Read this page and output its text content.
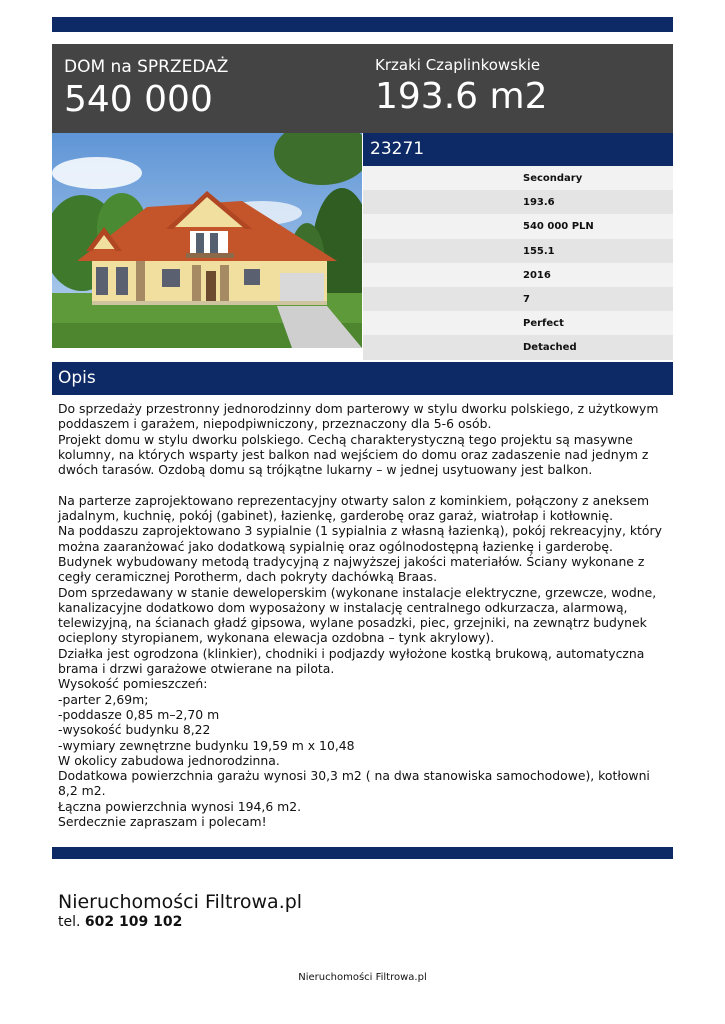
DOM na SPRZEDAŻ
540 000
Krzaki Czaplinkowskie
193.6 m2
23271
Secondary
193.6
540 000 PLN
155.1
2016
7
Perfect
Detached
Opis
Do sprzedaży przestronny jednorodzinny dom parterowy w stylu dworku polskiego, z użytkowym poddaszem i garażem, niepodpiwniczony, przeznaczony dla 5-6 osób.
Projekt domu w stylu dworku polskiego. Cechą charakterystyczną tego projektu są masywne kolumny, na których wsparty jest balkon nad wejściem do domu oraz zadaszenie nad jednym z dwóch tarasów. Ozdobą domu są trójkątne lukarny – w jednej usytuowany jest balkon.

Na parterze zaprojektowano reprezentacyjny otwarty salon z kominkiem, połączony z aneksem jadalnym, kuchnię, pokój (gabinet), łazienkę, garderobę oraz garaż, wiatrołap i kotłownię.
Na poddaszu zaprojektowano 3 sypialnie (1 sypialnia z własną łazienką), pokój rekreacyjny, który można zaaranżować jako dodatkową sypialnię oraz ogólnodostępną łazienkę i garderobę.
Budynek wybudowany metodą tradycyjną z najwyższej jakości materiałów. Ściany wykonane z cegły ceramicznej Porotherm, dach pokryty dachówką Braas.
Dom sprzedawany w stanie deweloperskim (wykonane instalacje elektryczne, grzewcze, wodne, kanalizacyjne dodatkowo dom wyposażony w instalację centralnego odkurzacza, alarmową, telewizyjną, na ścianach gładź gipsowa, wylane posadzki, piec, grzejniki, na zewnątrz budynek ocieplony styropianem, wykonana elewacja ozdobna – tynk akrylowy).
Działka jest ogrodzona (klinkier), chodniki i podjazdy wyłożone kostką brukową, automatyczna brama i drzwi garażowe otwierane na pilota.
Wysokość pomieszczeń:
-parter 2,69m;
-poddasze 0,85 m–2,70 m
-wysokość budynku 8,22
-wymiary zewnętrzne budynku 19,59 m x 10,48
W okolicy zabudowa jednorodzinna.
Dodatkowa powierzchnia garażu wynosi 30,3 m2 ( na dwa stanowiska samochodowe), kotłowni 8,2 m2.
Łączna powierzchnia wynosi 194,6 m2.
Serdecznie zapraszam i polecam!
Nieruchomości Filtrowa.pl
tel. 602 109 102
Nieruchomości Filtrowa.pl
